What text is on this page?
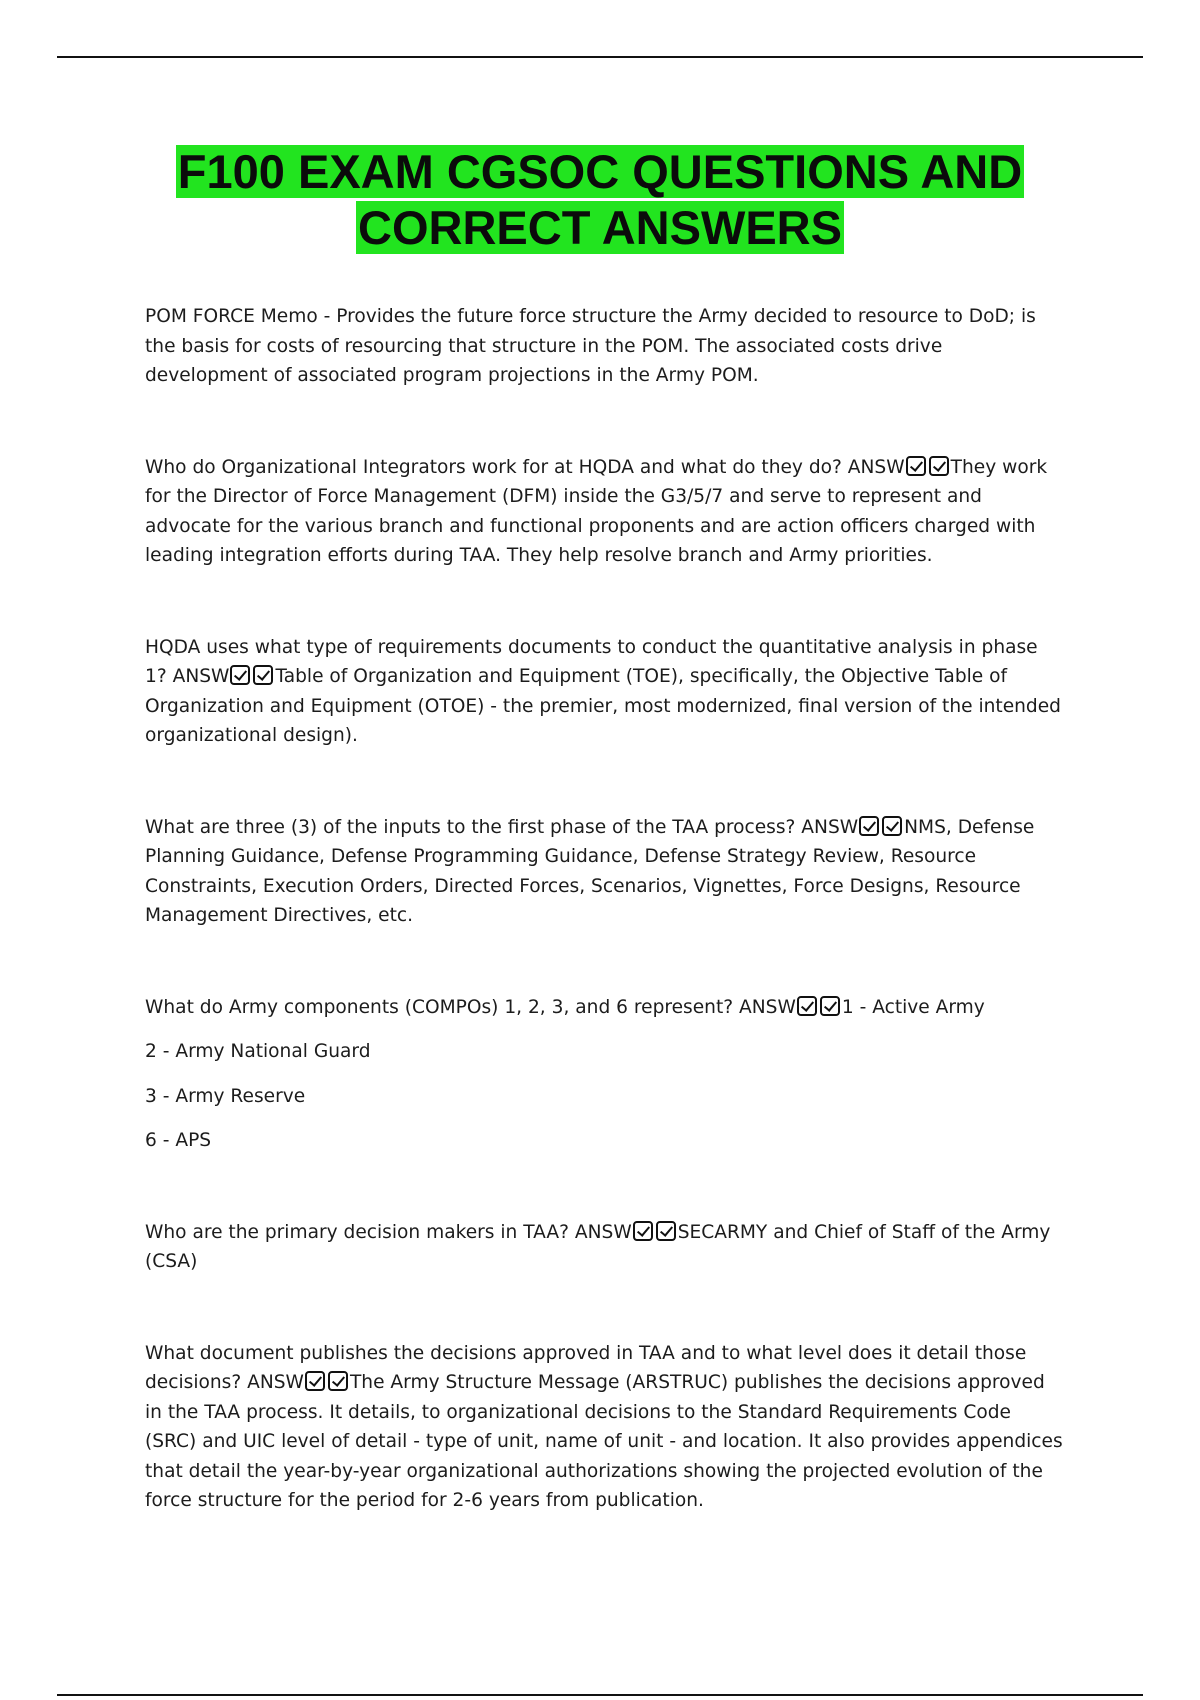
F100 EXAM CGSOC QUESTIONS AND
CORRECT ANSWERS

POM FORCE Memo - Provides the future force structure the Army decided to resource to DoD; is the basis for costs of resourcing that structure in the POM. The associated costs drive development of associated program projections in the Army POM.

Who do Organizational Integrators work for at HQDA and what do they do? ANSW They work for the Director of Force Management (DFM) inside the G3/5/7 and serve to represent and advocate for the various branch and functional proponents and are action officers charged with leading integration efforts during TAA. They help resolve branch and Army priorities.

HQDA uses what type of requirements documents to conduct the quantitative analysis in phase 1? ANSW Table of Organization and Equipment (TOE), specifically, the Objective Table of Organization and Equipment (OTOE) - the premier, most modernized, final version of the intended organizational design).

What are three (3) of the inputs to the first phase of the TAA process? ANSW NMS, Defense Planning Guidance, Defense Programming Guidance, Defense Strategy Review, Resource Constraints, Execution Orders, Directed Forces, Scenarios, Vignettes, Force Designs, Resource Management Directives, etc.

What do Army components (COMPOs) 1, 2, 3, and 6 represent? ANSW 1 - Active Army

2 - Army National Guard

3 - Army Reserve

6 - APS

Who are the primary decision makers in TAA? ANSW SECARMY and Chief of Staff of the Army (CSA)

What document publishes the decisions approved in TAA and to what level does it detail those decisions? ANSW The Army Structure Message (ARSTRUC) publishes the decisions approved in the TAA process. It details, to organizational decisions to the Standard Requirements Code (SRC) and UIC level of detail - type of unit, name of unit - and location. It also provides appendices that detail the year-by-year organizational authorizations showing the projected evolution of the force structure for the period for 2-6 years from publication.
